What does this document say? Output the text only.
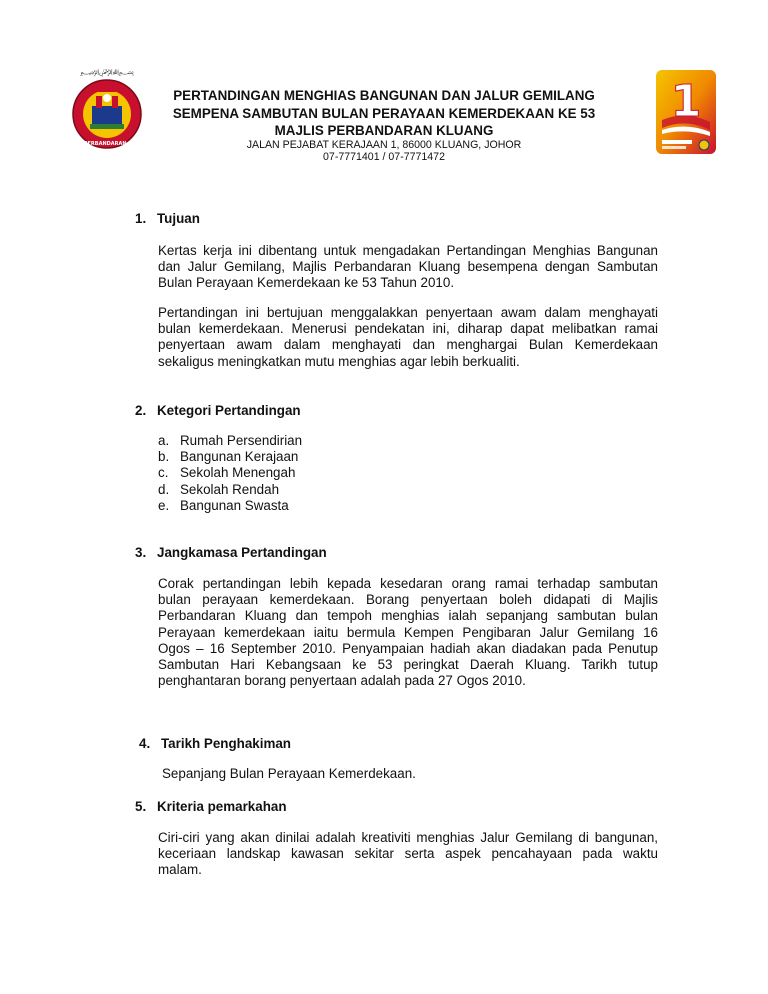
﷽
MAJLIS PERBANDARAN KLUANG
1
PERTANDINGAN MENGHIAS BANGUNAN DAN JALUR GEMILANG
SEMPENA SAMBUTAN BULAN PERAYAAN KEMERDEKAAN KE 53
MAJLIS PERBANDARAN KLUANG
JALAN PEJABAT KERAJAAN 1, 86000 KLUANG, JOHOR
07-7771401 / 07-7771472
1. Tujuan
Kertas kerja ini dibentang untuk mengadakan Pertandingan Menghias Bangunan
dan Jalur Gemilang, Majlis Perbandaran Kluang besempena dengan Sambutan
Bulan Perayaan Kemerdekaan ke 53 Tahun 2010.
Pertandingan ini bertujuan menggalakkan penyertaan awam dalam menghayati
bulan kemerdekaan. Menerusi pendekatan ini, diharap dapat melibatkan ramai
penyertaan awam dalam menghayati dan menghargai Bulan Kemerdekaan
sekaligus meningkatkan mutu menghias agar lebih berkualiti.
2. Ketegori Pertandingan
a. Rumah Persendirian
b. Bangunan Kerajaan
c. Sekolah Menengah
d. Sekolah Rendah
e. Bangunan Swasta
3. Jangkamasa Pertandingan
Corak pertandingan lebih kepada kesedaran orang ramai terhadap sambutan
bulan perayaan kemerdekaan. Borang penyertaan boleh didapati di Majlis
Perbandaran Kluang dan tempoh menghias ialah sepanjang sambutan bulan
Perayaan kemerdekaan iaitu bermula Kempen Pengibaran Jalur Gemilang 16
Ogos – 16 September 2010. Penyampaian hadiah akan diadakan pada Penutup
Sambutan Hari Kebangsaan ke 53 peringkat Daerah Kluang. Tarikh tutup
penghantaran borang penyertaan adalah pada 27 Ogos 2010.
4. Tarikh Penghakiman
Sepanjang Bulan Perayaan Kemerdekaan.
5. Kriteria pemarkahan
Ciri-ciri yang akan dinilai adalah kreativiti menghias Jalur Gemilang di bangunan,
keceriaan landskap kawasan sekitar serta aspek pencahayaan pada waktu
malam.
